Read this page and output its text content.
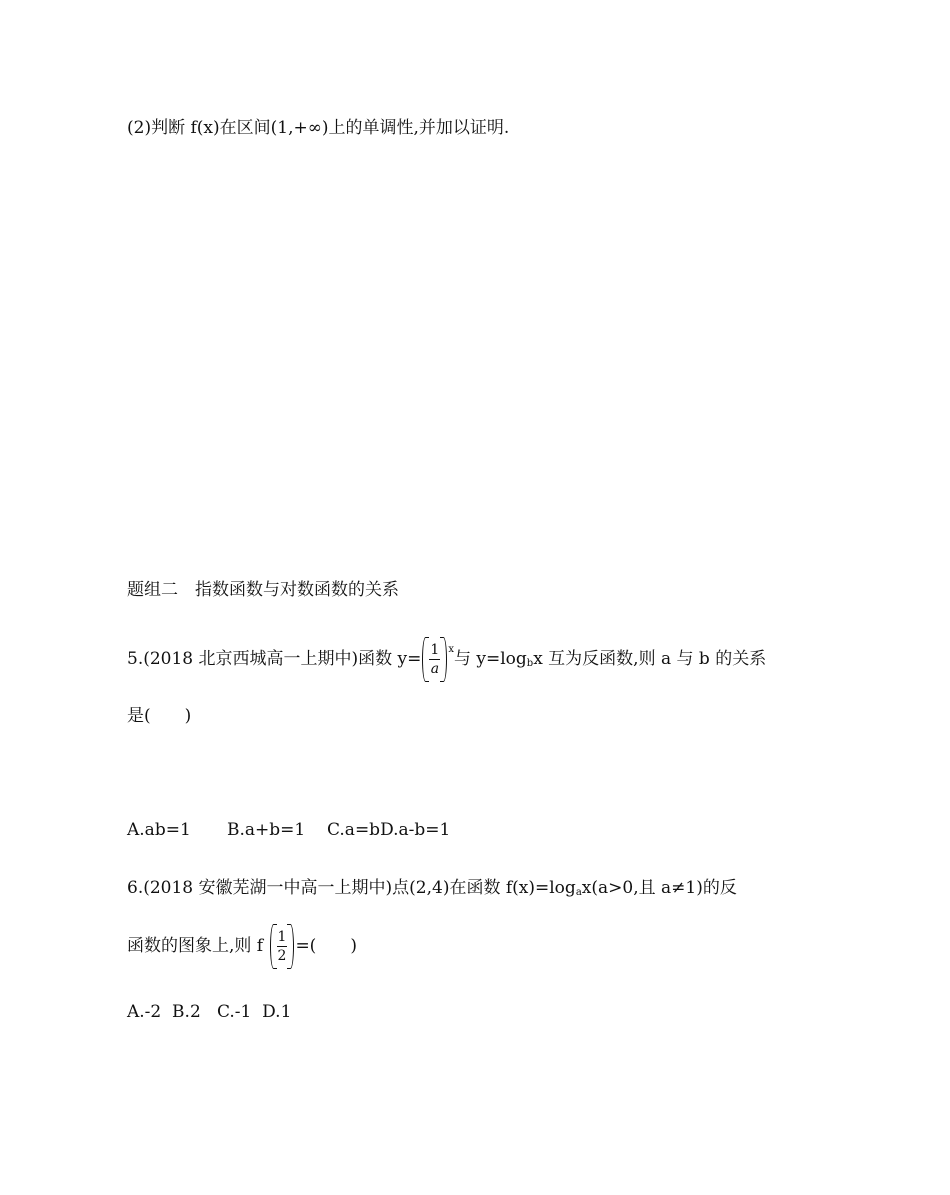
(2)判断 f(x)在区间(1,+∞)上的单调性,并加以证明.
题组二　指数函数与对数函数的关系
5.(2018 北京西城高一上期中)函数 $y= \frac{1}{a} ^x$与 $y=\log_bx$ 互为反函数,则 a 与 b 的关系
是(　　)
A.ab=1 B.a+b=1 C.a=bD.a-b=1
6.(2018 安徽芜湖一中高一上期中)点(2,4)在函数 $f(x)=\log_ax(a>0$,且 a≠1)的反
函数的图象上,则 f $\frac{1}{2}$ =(　　)
A.-2  B.2   C.-1  D.1
